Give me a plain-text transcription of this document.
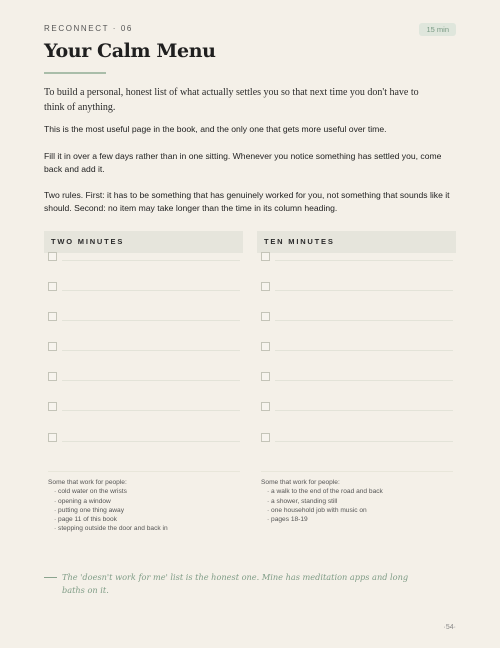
RECONNECT · 06	15 min
Your Calm Menu

To build a personal, honest list of what actually settles you so that next time you don't have to think of anything.

This is the most useful page in the book, and the only one that gets more useful over time.

Fill it in over a few days rather than in one sitting. Whenever you notice something has settled you, come back and add it.

Two rules. First: it has to be something that has genuinely worked for you, not something that sounds like it should. Second: no item may take longer than the time in its column heading.

TWO MINUTES
Some that work for people:
· cold water on the wrists
· opening a window
· putting one thing away
· page 11 of this book
· stepping outside the door and back in
TEN MINUTES
Some that work for people:
· a walk to the end of the road and back
· a shower, standing still
· one household job with music on
· pages 18-19

The 'doesn't work for me' list is the honest one. Mine has meditation apps and long baths on it.

·54·
